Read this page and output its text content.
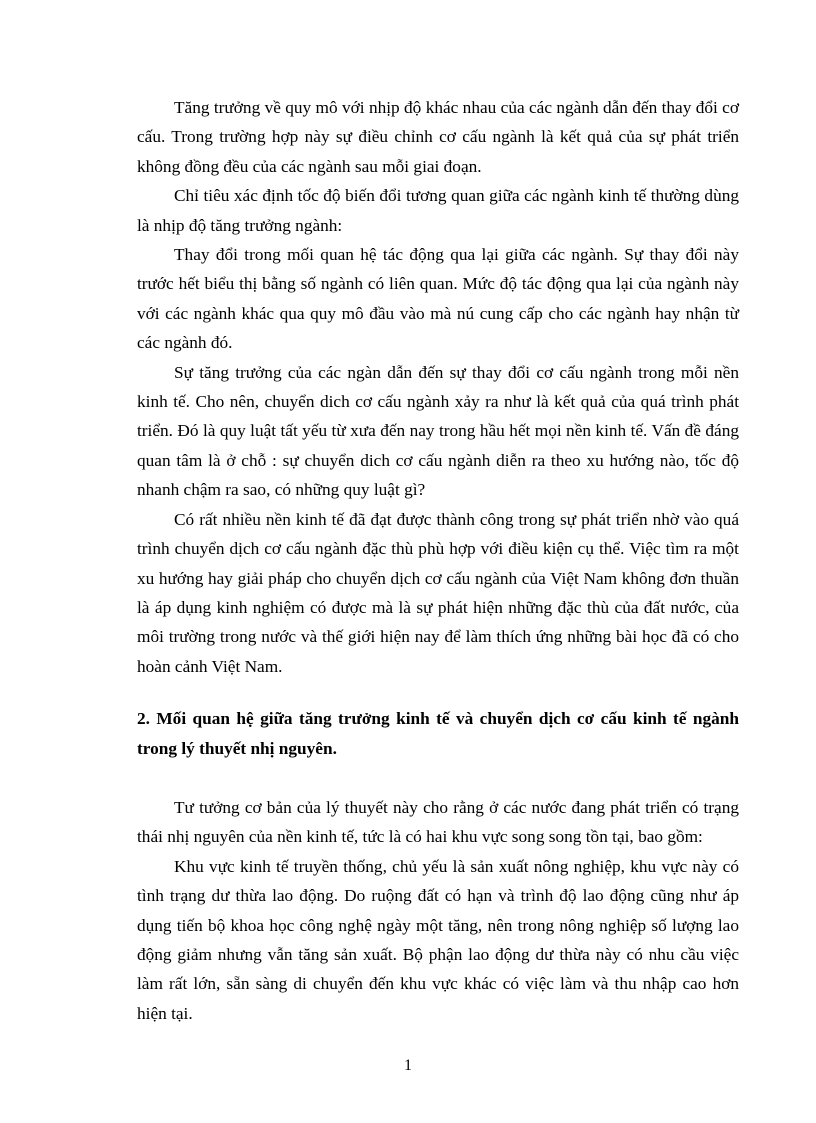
Tăng trưởng về quy mô với nhịp độ khác nhau của các ngành dẫn đến thay đổi cơ cấu. Trong trường hợp này sự điều chỉnh cơ cấu ngành là kết quả của sự phát triển không đồng đều của các ngành sau mỗi giai đoạn.

Chỉ tiêu xác định tốc độ biến đổi tương quan giữa các ngành kinh tế thường dùng là nhịp độ tăng trưởng ngành:

Thay đổi trong mối quan hệ tác động qua lại giữa các ngành. Sự thay đổi này trước hết biểu thị bằng số ngành có liên quan. Mức độ tác động qua lại của ngành này với các ngành khác qua quy mô đầu vào mà nú cung cấp cho các ngành hay nhận từ các ngành đó.

Sự tăng trưởng của các ngàn dẫn đến sự thay đổi cơ cấu ngành trong mỗi nền kinh tế. Cho nên, chuyển dich cơ cấu ngành xảy ra như là kết quả của quá trình phát triển. Đó là quy luật tất yếu từ xưa đến nay trong hầu hết mọi nền kinh tế. Vấn đề đáng quan tâm là ở chỗ : sự chuyển dich cơ cấu ngành diễn ra theo xu hướng nào, tốc độ nhanh chậm ra sao, có những quy luật gì?

Có rất nhiều nền kinh tế đã đạt được thành công trong sự phát triển nhờ vào quá trình chuyển dịch cơ cấu ngành đặc thù phù hợp với điều kiện cụ thể. Việc tìm ra một xu hướng hay giải pháp cho chuyển dịch cơ cấu ngành của Việt Nam không đơn thuần là áp dụng kinh nghiệm có được mà là sự phát hiện những đặc thù của đất nước, của môi trường trong nước và thế giới hiện nay để làm thích ứng những bài học đã có cho hoàn cảnh Việt Nam.

2. Mối quan hệ giữa tăng trưởng kinh tế và chuyển dịch cơ cấu kinh tế ngành trong lý thuyết nhị nguyên.

Tư tưởng cơ bản của lý thuyết này cho rằng ở các nước đang phát triển có trạng thái nhị nguyên của nền kinh tế, tức là có hai khu vực song song tồn tại, bao gồm:

Khu vực kinh tế truyền thống, chủ yếu là sản xuất nông nghiệp, khu vực này có tình trạng dư thừa lao động. Do ruộng đất có hạn và trình độ lao động cũng như áp dụng tiến bộ khoa học công nghệ ngày một tăng, nên trong nông nghiệp số lượng lao động giảm nhưng vẫn tăng sản xuất. Bộ phận lao động dư thừa này có nhu cầu việc làm rất lớn, sẵn sàng di chuyển đến khu vực khác có việc làm và thu nhập cao hơn hiện tại.

1
